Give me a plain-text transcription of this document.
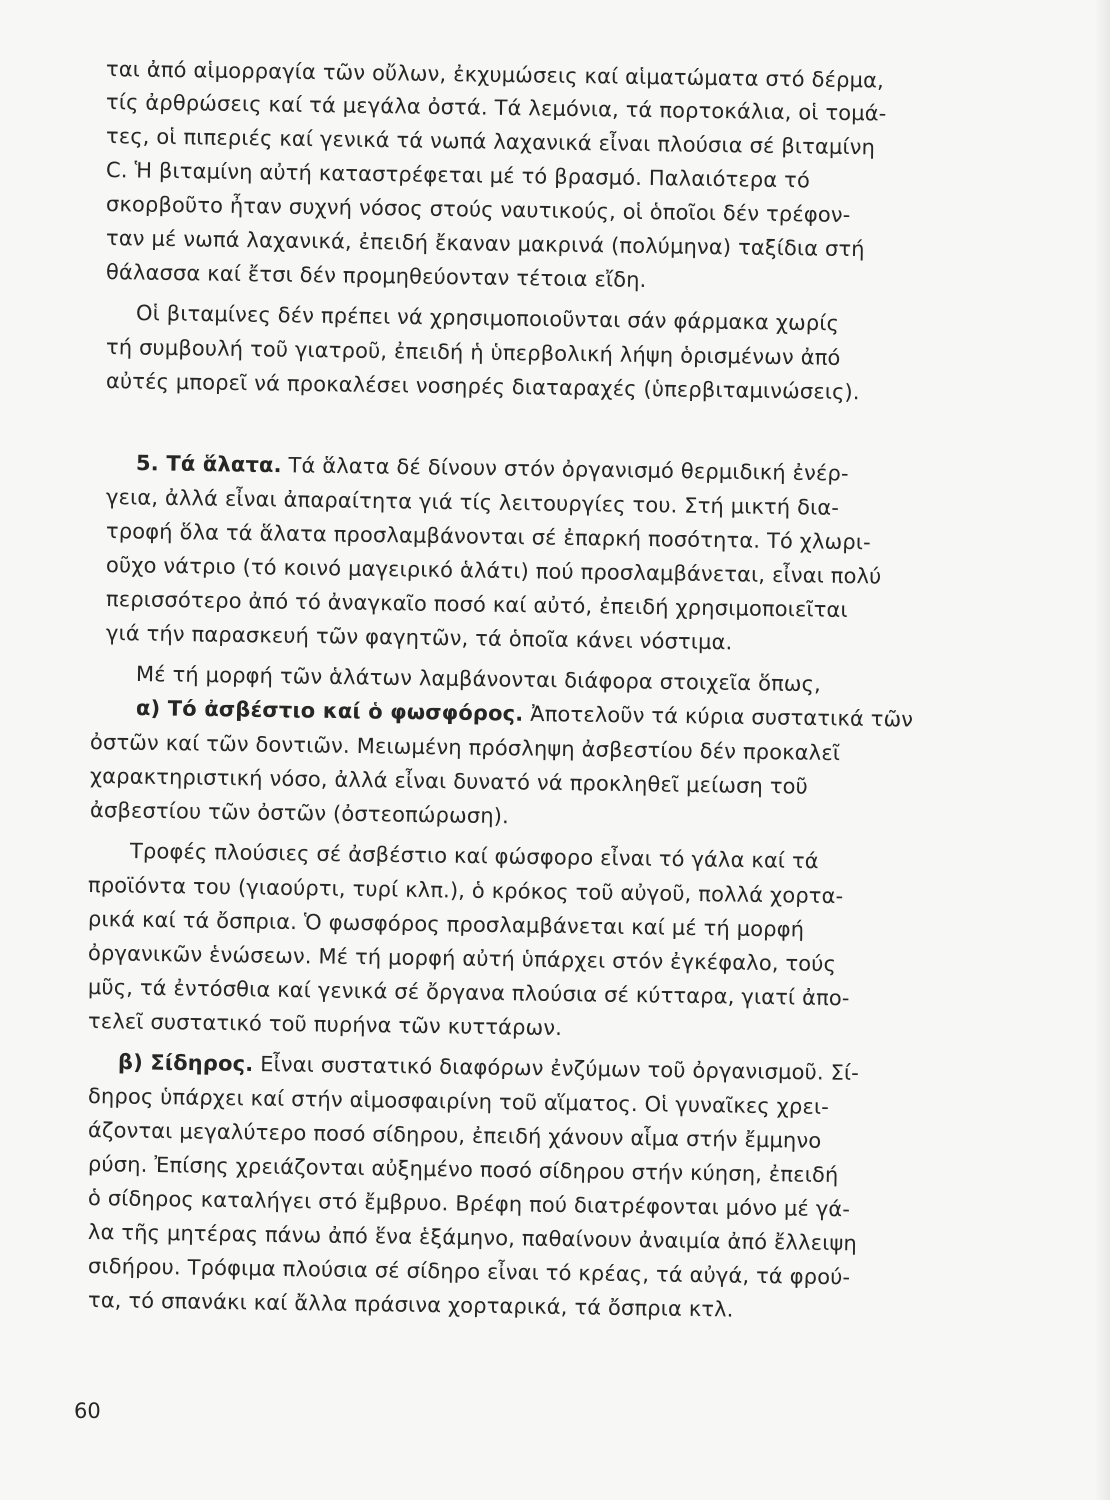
ται ἀπό αἱμορραγία τῶν οὔλων, ἐκχυμώσεις καί αἱματώματα στό δέρμα,
τίς ἀρθρώσεις καί τά μεγάλα ὀστά. Τά λεμόνια, τά πορτοκάλια, οἱ τομά-
τες, οἱ πιπεριές καί γενικά τά νωπά λαχανικά εἶναι πλούσια σέ βιταμίνη
C. Ἡ βιταμίνη αὐτή καταστρέφεται μέ τό βρασμό. Παλαιότερα τό
σκορβοῦτο ἦταν συχνή νόσος στούς ναυτικούς, οἱ ὁποῖοι δέν τρέφον-
ταν μέ νωπά λαχανικά, ἐπειδή ἔκαναν μακρινά (πολύμηνα) ταξίδια στή
θάλασσα καί ἔτσι δέν προμηθεύονταν τέτοια εἴδη.
Οἱ βιταμίνες δέν πρέπει νά χρησιμοποιοῦνται σάν φάρμακα χωρίς
τή συμβουλή τοῦ γιατροῦ, ἐπειδή ἡ ὑπερβολική λήψη ὁρισμένων ἀπό
αὐτές μπορεῖ νά προκαλέσει νοσηρές διαταραχές (ὑπερβιταμινώσεις).
5. Τά ἅλατα. Τά ἅλατα δέ δίνουν στόν ὀργανισμό θερμιδική ἐνέρ-
γεια, ἀλλά εἶναι ἀπαραίτητα γιά τίς λειτουργίες του. Στή μικτή δια-
τροφή ὅλα τά ἅλατα προσλαμβάνονται σέ ἐπαρκή ποσότητα. Τό χλωρι-
οῦχο νάτριο (τό κοινό μαγειρικό ἁλάτι) πού προσλαμβάνεται, εἶναι πολύ
περισσότερο ἀπό τό ἀναγκαῖο ποσό καί αὐτό, ἐπειδή χρησιμοποιεῖται
γιά τήν παρασκευή τῶν φαγητῶν, τά ὁποῖα κάνει νόστιμα.
Μέ τή μορφή τῶν ἁλάτων λαμβάνονται διάφορα στοιχεῖα ὅπως,
α) Τό ἀσβέστιο καί ὁ φωσφόρος. Ἀποτελοῦν τά κύρια συστατικά τῶν
ὀστῶν καί τῶν δοντιῶν. Μειωμένη πρόσληψη ἀσβεστίου δέν προκαλεῖ
χαρακτηριστική νόσο, ἀλλά εἶναι δυνατό νά προκληθεῖ μείωση τοῦ
ἀσβεστίου τῶν ὀστῶν (ὀστεοπώρωση).
Τροφές πλούσιες σέ ἀσβέστιο καί φώσφορο εἶναι τό γάλα καί τά
προϊόντα του (γιαούρτι, τυρί κλπ.), ὁ κρόκος τοῦ αὐγοῦ, πολλά χορτα-
ρικά καί τά ὄσπρια. Ὁ φωσφόρος προσλαμβάνεται καί μέ τή μορφή
ὀργανικῶν ἑνώσεων. Μέ τή μορφή αὐτή ὑπάρχει στόν ἐγκέφαλο, τούς
μῦς, τά ἐντόσθια καί γενικά σέ ὄργανα πλούσια σέ κύτταρα, γιατί ἀπο-
τελεῖ συστατικό τοῦ πυρήνα τῶν κυττάρων.
β) Σίδηρος. Εἶναι συστατικό διαφόρων ἐνζύμων τοῦ ὀργανισμοῦ. Σί-
δηρος ὑπάρχει καί στήν αἱμοσφαιρίνη τοῦ αἵματος. Οἱ γυναῖκες χρει-
άζονται μεγαλύτερο ποσό σίδηρου, ἐπειδή χάνουν αἷμα στήν ἔμμηνο
ρύση. Ἐπίσης χρειάζονται αὐξημένο ποσό σίδηρου στήν κύηση, ἐπειδή
ὁ σίδηρος καταλήγει στό ἔμβρυο. Βρέφη πού διατρέφονται μόνο μέ γά-
λα τῆς μητέρας πάνω ἀπό ἕνα ἑξάμηνο, παθαίνουν ἀναιμία ἀπό ἔλλειψη
σιδήρου. Τρόφιμα πλούσια σέ σίδηρο εἶναι τό κρέας, τά αὐγά, τά φρού-
τα, τό σπανάκι καί ἄλλα πράσινα χορταρικά, τά ὄσπρια κτλ.
60
